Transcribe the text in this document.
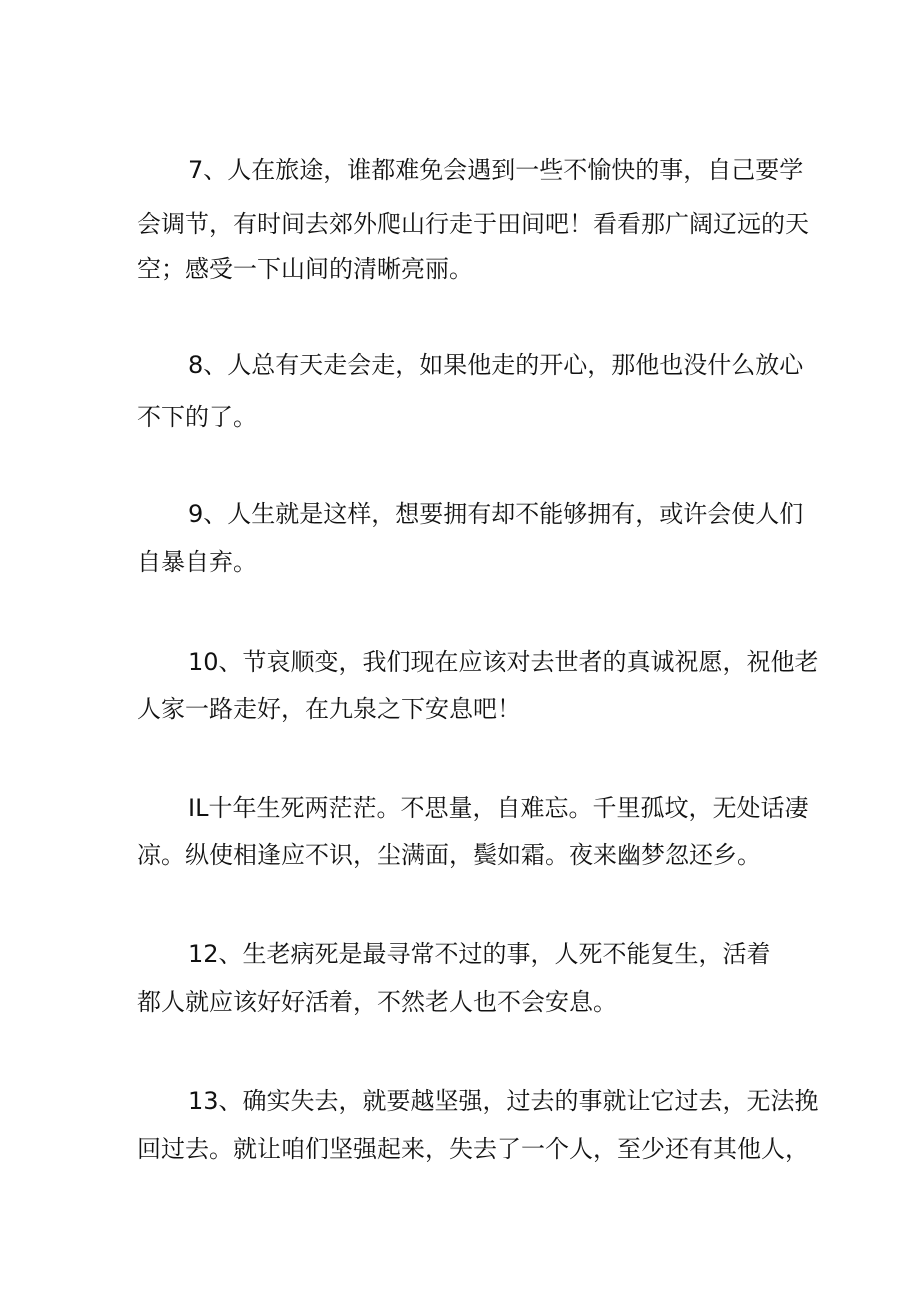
7、人在旅途，谁都难免会遇到一些不愉快的事，自己要学
会调节，有时间去郊外爬山行走于田间吧！看看那广阔辽远的天
空；感受一下山间的清晰亮丽。
8、人总有天走会走，如果他走的开心，那他也没什么放心
不下的了。
9、人生就是这样，想要拥有却不能够拥有，或许会使人们
自暴自弃。
10、节哀顺变，我们现在应该对去世者的真诚祝愿，祝他老
人家一路走好，在九泉之下安息吧！
IL十年生死两茫茫。不思量，自难忘。千里孤坟，无处话凄
凉。纵使相逢应不识，尘满面，鬓如霜。夜来幽梦忽还乡。
12、生老病死是最寻常不过的事，人死不能复生，活着
都人就应该好好活着，不然老人也不会安息。
13、确实失去，就要越坚强，过去的事就让它过去，无法挽
回过去。就让咱们坚强起来，失去了一个人，至少还有其他人，
